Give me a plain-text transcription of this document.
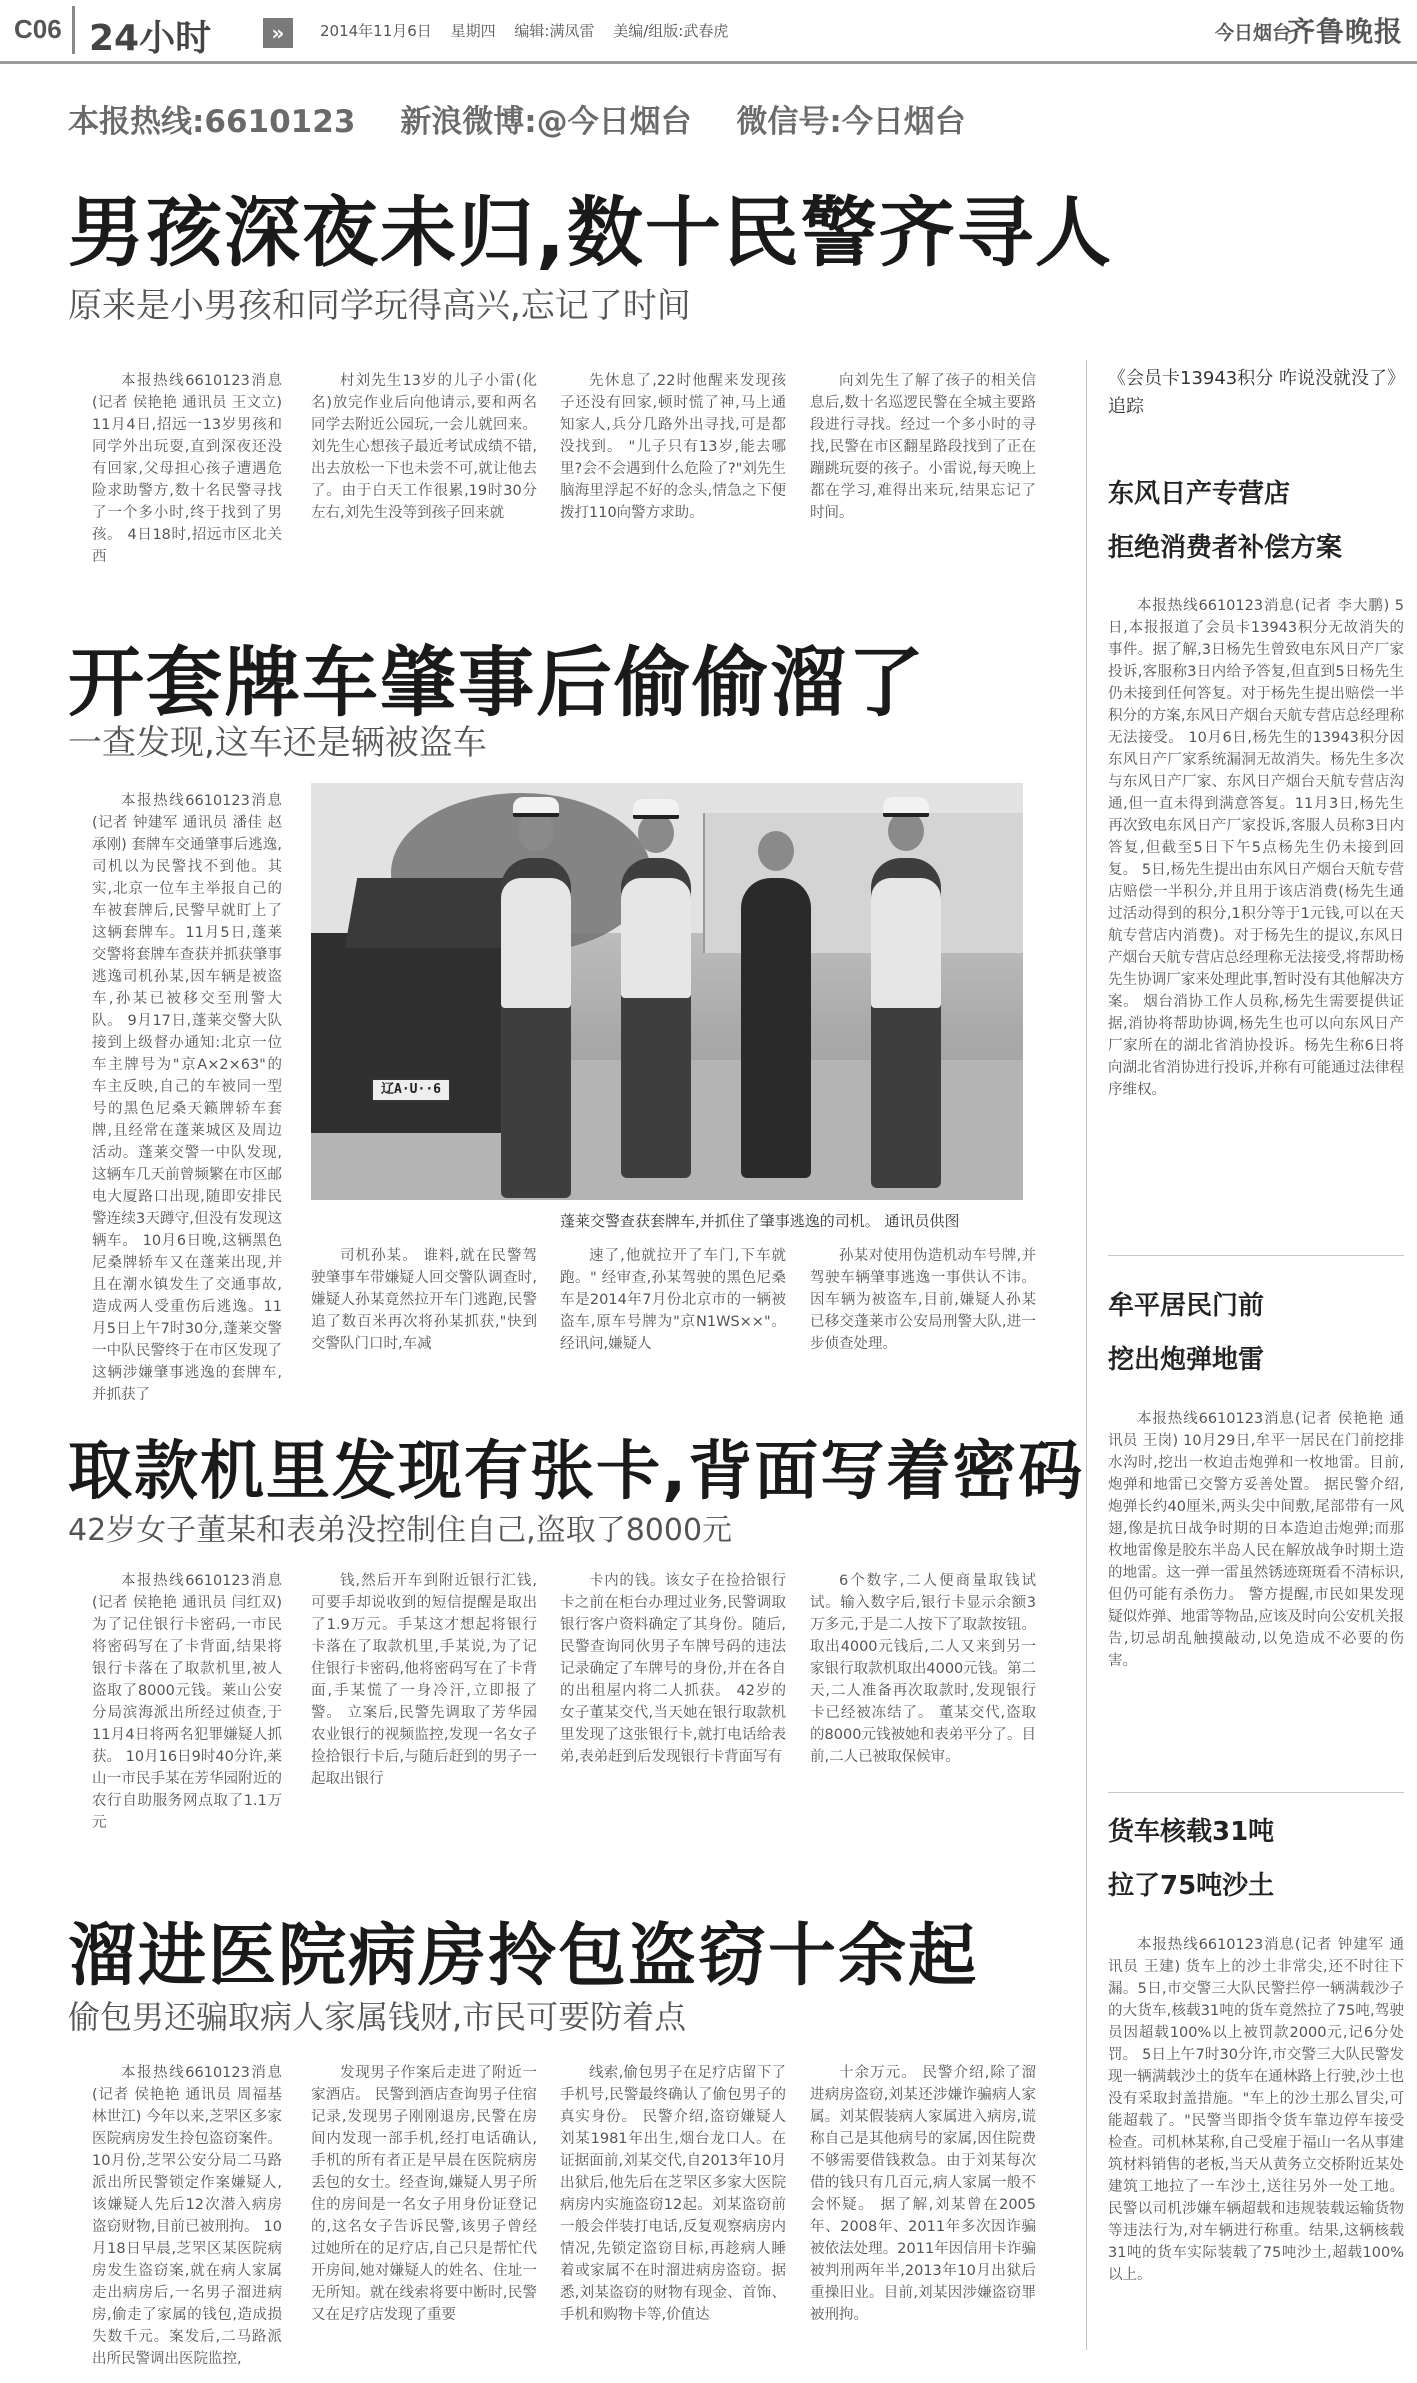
C06 24小时	»	2014年11月6日 星期四 编辑:满凤雷 美编/组版:武春虎	今日烟台
齐鲁晚报
本报热线:6610123 新浪微博:@今日烟台 微信号:今日烟台
男孩深夜未归,数十民警齐寻人
原来是小男孩和同学玩得高兴,忘记了时间

本报热线6610123消息(记者 侯艳艳 通讯员 王文立) 11月4日,招远一13岁男孩和同学外出玩耍,直到深夜还没有回家,父母担心孩子遭遇危险求助警方,数十名民警寻找了一个多小时,终于找到了男孩。 4日18时,招远市区北关西

村刘先生13岁的儿子小雷(化名)放完作业后向他请示,要和两名同学去附近公园玩,一会儿就回来。刘先生心想孩子最近考试成绩不错,出去放松一下也未尝不可,就让他去了。由于白天工作很累,19时30分左右,刘先生没等到孩子回来就

先休息了,22时他醒来发现孩子还没有回家,顿时慌了神,马上通知家人,兵分几路外出寻找,可是都没找到。 "儿子只有13岁,能去哪里?会不会遇到什么危险了?"刘先生脑海里浮起不好的念头,情急之下便拨打110向警方求助。

向刘先生了解了孩子的相关信息后,数十名巡逻民警在全城主要路段进行寻找。经过一个多小时的寻找,民警在市区翻星路段找到了正在蹦跳玩耍的孩子。小雷说,每天晚上都在学习,难得出来玩,结果忘记了时间。

开套牌车肇事后偷偷溜了
一查发现,这车还是辆被盗车

本报热线6610123消息(记者 钟建军 通讯员 潘佳 赵承刚) 套牌车交通肇事后逃逸,司机以为民警找不到他。其实,北京一位车主举报自己的车被套牌后,民警早就盯上了这辆套牌车。11月5日,蓬莱交警将套牌车查获并抓获肇事逃逸司机孙某,因车辆是被盗车,孙某已被移交至刑警大队。 9月17日,蓬莱交警大队接到上级督办通知:北京一位车主牌号为"京A×2×63"的车主反映,自己的车被同一型号的黑色尼桑天籁牌轿车套牌,且经常在蓬莱城区及周边活动。蓬莱交警一中队发现,这辆车几天前曾频繁在市区邮电大厦路口出现,随即安排民警连续3天蹲守,但没有发现这辆车。 10月6日晚,这辆黑色尼桑牌轿车又在蓬莱出现,并且在潮水镇发生了交通事故,造成两人受重伤后逃逸。11月5日上午7时30分,蓬莱交警一中队民警终于在市区发现了这辆涉嫌肇事逃逸的套牌车,并抓获了

辽A·U··6
蓬莱交警查获套牌车,并抓住了肇事逃逸的司机。 通讯员供图

司机孙某。 谁料,就在民警驾驶肇事车带嫌疑人回交警队调查时,嫌疑人孙某竟然拉开车门逃跑,民警追了数百米再次将孙某抓获,"快到交警队门口时,车减

速了,他就拉开了车门,下车就跑。" 经审查,孙某驾驶的黑色尼桑车是2014年7月份北京市的一辆被盗车,原车号牌为"京N1WS××"。经讯问,嫌疑人

孙某对使用伪造机动车号牌,并驾驶车辆肇事逃逸一事供认不讳。 因车辆为被盗车,目前,嫌疑人孙某已移交蓬莱市公安局刑警大队,进一步侦查处理。

取款机里发现有张卡,背面写着密码
42岁女子董某和表弟没控制住自己,盗取了8000元

本报热线6610123消息(记者 侯艳艳 通讯员 闫红双) 为了记住银行卡密码,一市民将密码写在了卡背面,结果将银行卡落在了取款机里,被人盗取了8000元钱。莱山公安分局滨海派出所经过侦查,于11月4日将两名犯罪嫌疑人抓获。 10月16日9时40分许,莱山一市民手某在芳华园附近的农行自助服务网点取了1.1万元

钱,然后开车到附近银行汇钱,可要手却说收到的短信提醒是取出了1.9万元。手某这才想起将银行卡落在了取款机里,手某说,为了记住银行卡密码,他将密码写在了卡背面,手某慌了一身冷汗,立即报了警。 立案后,民警先调取了芳华园农业银行的视频监控,发现一名女子捡拾银行卡后,与随后赶到的男子一起取出银行

卡内的钱。该女子在捡拾银行卡之前在柜台办理过业务,民警调取银行客户资料确定了其身份。随后,民警查询同伙男子车牌号码的违法记录确定了车牌号的身份,并在各自的出租屋内将二人抓获。 42岁的女子董某交代,当天她在银行取款机里发现了这张银行卡,就打电话给表弟,表弟赶到后发现银行卡背面写有

6个数字,二人便商量取钱试试。输入数字后,银行卡显示余额3万多元,于是二人按下了取款按钮。取出4000元钱后,二人又来到另一家银行取款机取出4000元钱。第二天,二人准备再次取款时,发现银行卡已经被冻结了。 董某交代,盗取的8000元钱被她和表弟平分了。目前,二人已被取保候审。

溜进医院病房拎包盗窃十余起
偷包男还骗取病人家属钱财,市民可要防着点

本报热线6610123消息(记者 侯艳艳 通讯员 周福基 林世江) 今年以来,芝罘区多家医院病房发生拎包盗窃案件。10月份,芝罘公安分局二马路派出所民警锁定作案嫌疑人,该嫌疑人先后12次潜入病房盗窃财物,目前已被刑拘。 10月18日早晨,芝罘区某医院病房发生盗窃案,就在病人家属走出病房后,一名男子溜进病房,偷走了家属的钱包,造成损失数千元。案发后,二马路派出所民警调出医院监控,

发现男子作案后走进了附近一家酒店。 民警到酒店查询男子住宿记录,发现男子刚刚退房,民警在房间内发现一部手机,经打电话确认,手机的所有者正是早晨在医院病房丢包的女士。经查询,嫌疑人男子所住的房间是一名女子用身份证登记的,这名女子告诉民警,该男子曾经过她所在的足疗店,自己只是帮忙代开房间,她对嫌疑人的姓名、住址一无所知。就在线索将要中断时,民警又在足疗店发现了重要

线索,偷包男子在足疗店留下了手机号,民警最终确认了偷包男子的真实身份。 民警介绍,盗窃嫌疑人刘某1981年出生,烟台龙口人。在证据面前,刘某交代,自2013年10月出狱后,他先后在芝罘区多家大医院病房内实施盗窃12起。刘某盗窃前一般会伴装打电话,反复观察病房内情况,先锁定盗窃目标,再趁病人睡着或家属不在时溜进病房盗窃。据悉,刘某盗窃的财物有现金、首饰、手机和购物卡等,价值达

十余万元。 民警介绍,除了溜进病房盗窃,刘某还涉嫌诈骗病人家属。刘某假装病人家属进入病房,谎称自己是其他病号的家属,因住院费不够需要借钱救急。由于刘某每次借的钱只有几百元,病人家属一般不会怀疑。 据了解,刘某曾在2005年、2008年、2011年多次因诈骗被依法处理。2011年因信用卡诈骗被判刑两年半,2013年10月出狱后重操旧业。目前,刘某因涉嫌盗窃罪被刑拘。

《会员卡13943积分 咋说没就没了》追踪
东风日产专营店
拒绝消费者补偿方案

本报热线6610123消息(记者 李大鹏) 5日,本报报道了会员卡13943积分无故消失的事件。据了解,3日杨先生曾致电东风日产厂家投诉,客服称3日内给予答复,但直到5日杨先生仍未接到任何答复。对于杨先生提出赔偿一半积分的方案,东风日产烟台天航专营店总经理称无法接受。 10月6日,杨先生的13943积分因东风日产厂家系统漏洞无故消失。杨先生多次与东风日产厂家、东风日产烟台天航专营店沟通,但一直未得到满意答复。11月3日,杨先生再次致电东风日产厂家投诉,客服人员称3日内答复,但截至5日下午5点杨先生仍未接到回复。 5日,杨先生提出由东风日产烟台天航专营店赔偿一半积分,并且用于该店消费(杨先生通过活动得到的积分,1积分等于1元钱,可以在天航专营店内消费)。对于杨先生的提议,东风日产烟台天航专营店总经理称无法接受,将帮助杨先生协调厂家来处理此事,暂时没有其他解决方案。 烟台消协工作人员称,杨先生需要提供证据,消协将帮助协调,杨先生也可以向东风日产厂家所在的湖北省消协投诉。杨先生称6日将向湖北省消协进行投诉,并称有可能通过法律程序维权。

牟平居民门前
挖出炮弹地雷

本报热线6610123消息(记者 侯艳艳 通讯员 王岗) 10月29日,牟平一居民在门前挖排水沟时,挖出一枚迫击炮弹和一枚地雷。目前,炮弹和地雷已交警方妥善处置。 据民警介绍,炮弹长约40厘米,两头尖中间敷,尾部带有一风翅,像是抗日战争时期的日本造迫击炮弹;而那枚地雷像是胶东半岛人民在解放战争时期土造的地雷。这一弹一雷虽然锈迹斑斑看不清标识,但仍可能有杀伤力。 警方提醒,市民如果发现疑似炸弹、地雷等物品,应该及时向公安机关报告,切忌胡乱触摸敲动,以免造成不必要的伤害。

货车核载31吨
拉了75吨沙土

本报热线6610123消息(记者 钟建军 通讯员 王建) 货车上的沙土非常尖,还不时往下漏。5日,市交警三大队民警拦停一辆满载沙子的大货车,核载31吨的货车竟然拉了75吨,驾驶员因超载100%以上被罚款2000元,记6分处罚。 5日上午7时30分许,市交警三大队民警发现一辆满载沙土的货车在通林路上行驶,沙土也没有采取封盖措施。"车上的沙土那么冒尖,可能超载了。"民警当即指令货车靠边停车接受检查。司机林某称,自己受雇于福山一名从事建筑材料销售的老板,当天从黄务立交桥附近某处建筑工地拉了一车沙土,送往另外一处工地。 民警以司机涉嫌车辆超载和违规装载运输货物等违法行为,对车辆进行称重。结果,这辆核载31吨的货车实际装载了75吨沙土,超载100%以上。
